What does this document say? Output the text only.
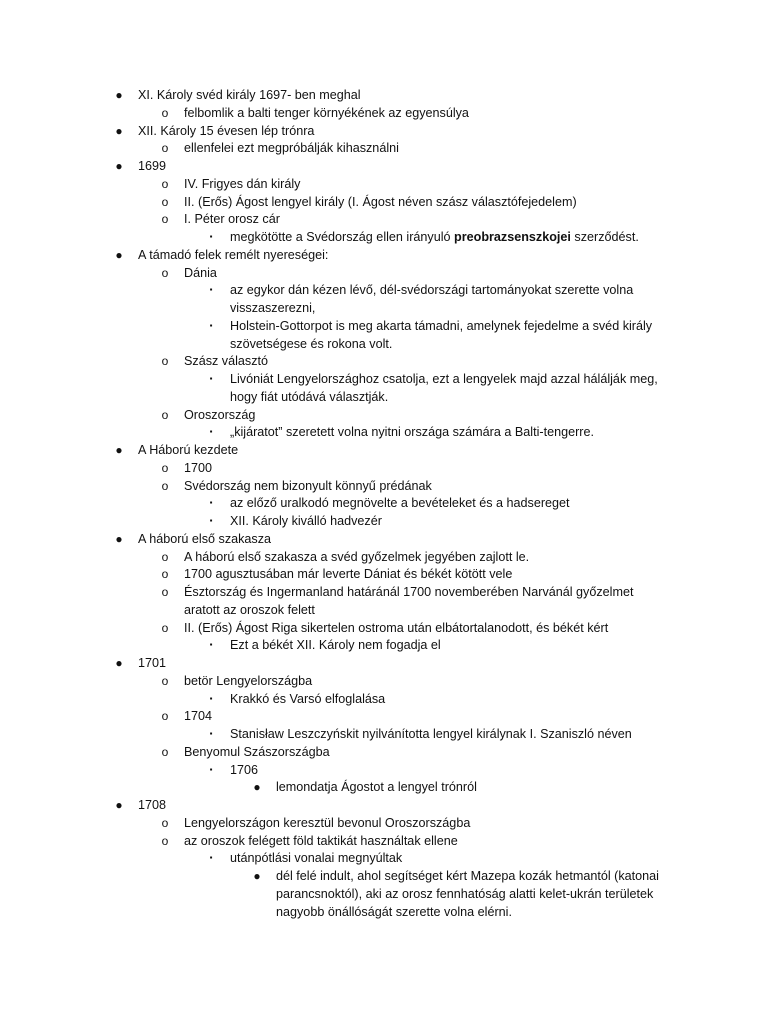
● XI. Károly svéd király 1697- ben meghal
o felbomlik a balti tenger környékének az egyensúlya
● XII. Károly 15 évesen lép trónra
o ellenfelei ezt megpróbálják kihasználni
● 1699
o IV. Frigyes dán király
o II. (Erős) Ágost lengyel király (I. Ágost néven szász választófejedelem)
o I. Péter orosz cár
▪	megkötötte a Svédország ellen irányuló preobrazsenszkojei szerződést.
● A támadó felek remélt nyereségei:
o Dánia
▪	az egykor dán kézen lévő, dél-svédországi tartományokat szerette volna
visszaszerezni,
▪	Holstein-Gottorpot is meg akarta támadni, amelynek fejedelme a svéd király
szövetségese és rokona volt.
o Szász választó
▪	Livóniát Lengyelországhoz csatolja, ezt a lengyelek majd azzal hálálják meg,
hogy fiát utódává választják.
o Oroszország
▪	„kijáratot” szeretett volna nyitni országa számára a Balti-tengerre.
● A Háború kezdete
o 1700
o Svédország nem bizonyult könnyű prédának
▪	az előző uralkodó megnövelte a bevételeket és a hadsereget
▪	XII. Károly kiválló hadvezér
● A háború első szakasza
o A háború első szakasza a svéd győzelmek jegyében zajlott le.
o 1700 agusztusában már leverte Dániat és békét kötött vele
o Észtország és Ingermanland határánál 1700 novemberében Narvánál győzelmet
aratott az oroszok felett
o II. (Erős) Ágost Riga sikertelen ostroma után elbátortalanodott, és békét kért
▪	Ezt a békét XII. Károly nem fogadja el
● 1701
o betör Lengyelországba
▪	Krakkó és Varsó elfoglalása
o 1704
▪	Stanisław Leszczyńskit nyilvánította lengyel királynak I. Szaniszló néven
o Benyomul Szászországba
▪	1706
● lemondatja Ágostot a lengyel trónról
● 1708
o Lengyelországon keresztül bevonul Oroszországba
o az oroszok felégett föld taktikát használtak ellene
▪	utánpótlási vonalai megnyúltak
● dél felé indult, ahol segítséget kért Mazepa kozák hetmantól (katonai
parancsnoktól), aki az orosz fennhatóság alatti kelet-ukrán területek
nagyobb önállóságát szerette volna elérni.
